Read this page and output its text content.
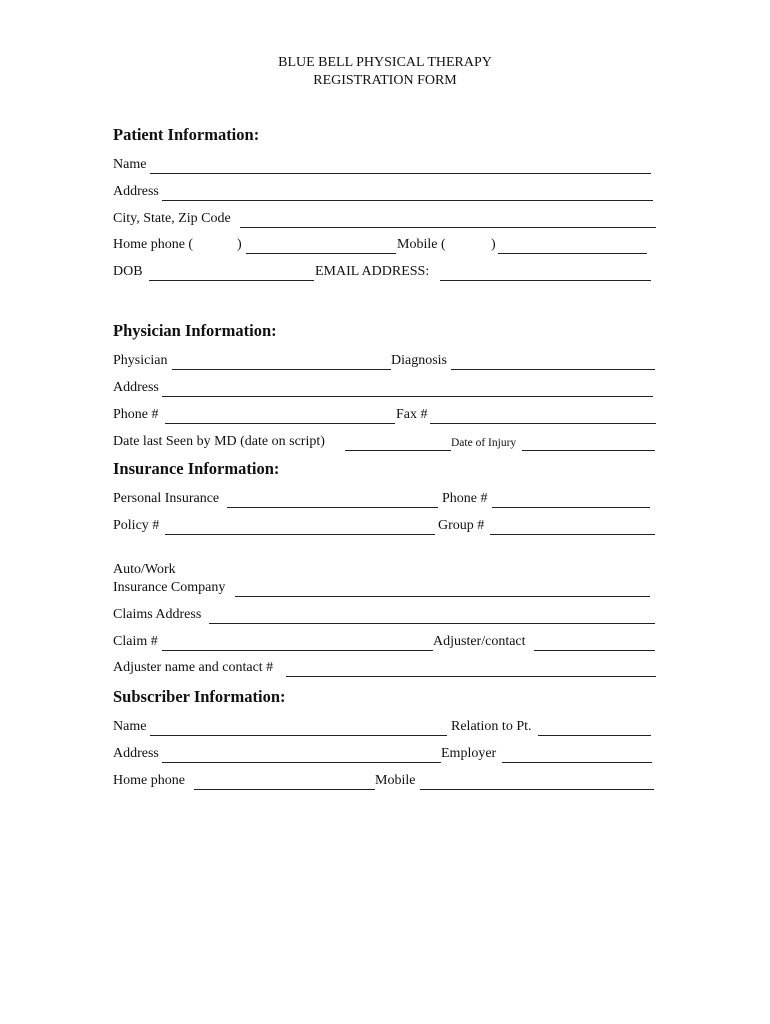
BLUE BELL PHYSICAL THERAPY
REGISTRATION FORM
Patient Information:
Name
Address
City, State, Zip Code
Home phone (	)	Mobile (	)
DOB	EMAIL ADDRESS:
Physician Information:
Physician	Diagnosis
Address
Phone #	Fax #
Date last Seen by MD (date on script)	Date of Injury
Insurance Information:
Personal Insurance	Phone #
Policy #	Group #
Auto/Work
Insurance Company
Claims Address
Claim #	Adjuster/contact
Adjuster name and contact #
Subscriber Information:
Name	Relation to Pt.
Address	Employer
Home phone	Mobile
